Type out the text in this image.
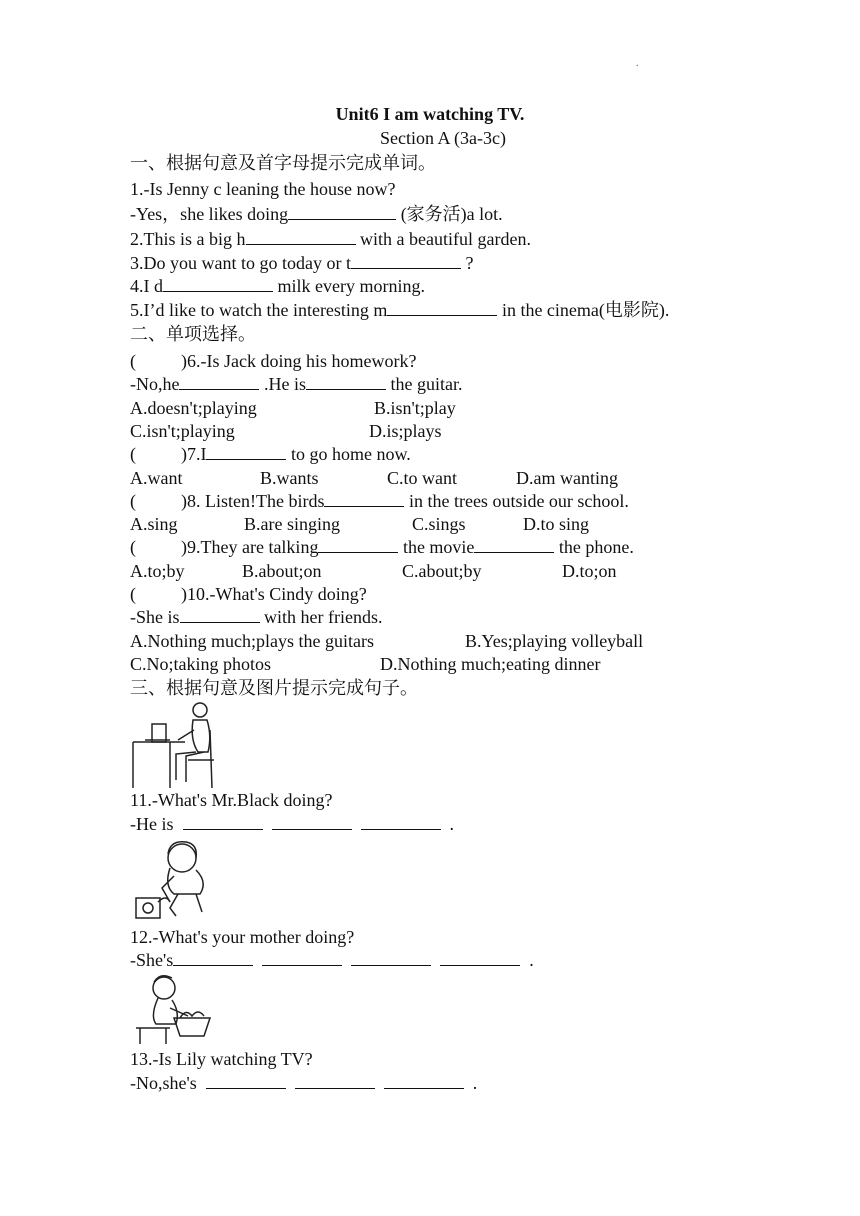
.
Unit6 I am watching TV.
Section A (3a-3c)
一、根据句意及首字母提示完成单词。
1.-Is Jenny c leaning the house now?
-Yes，she likes doing	(家务活)a lot.
2.This is a big h	with a beautiful garden.
3.Do you want to go today or t	?
4.I d	milk every morning.
5.I’d like to watch the interesting m	in the cinema(电影院).
二、单项选择。
(          )6.-Is Jack doing his homework?
-No,he	.He is	the guitar.
A.doesn't;playing	B.isn't;play
C.isn't;playing	D.is;plays
(          )7.I	to go home now.
A.want	B.wants	C.to want	D.am wanting
(          )8. Listen!The birds	in the trees outside our school.
A.sing	B.are singing	C.sings	D.to sing
(          )9.They are talking	the movie	the phone.
A.to;by	B.about;on	C.about;by	D.to;on
(          )10.-What's Cindy doing?
-She is	with her friends.
A.Nothing much;plays the guitars	B.Yes;playing volleyball
C.No;taking photos	D.Nothing much;eating dinner
三、根据句意及图片提示完成句子。
11.-What's Mr.Black doing?
-He is	.
12.-What's your mother doing?
-She's	.
13.-Is Lily watching TV?
-No,she's	.
